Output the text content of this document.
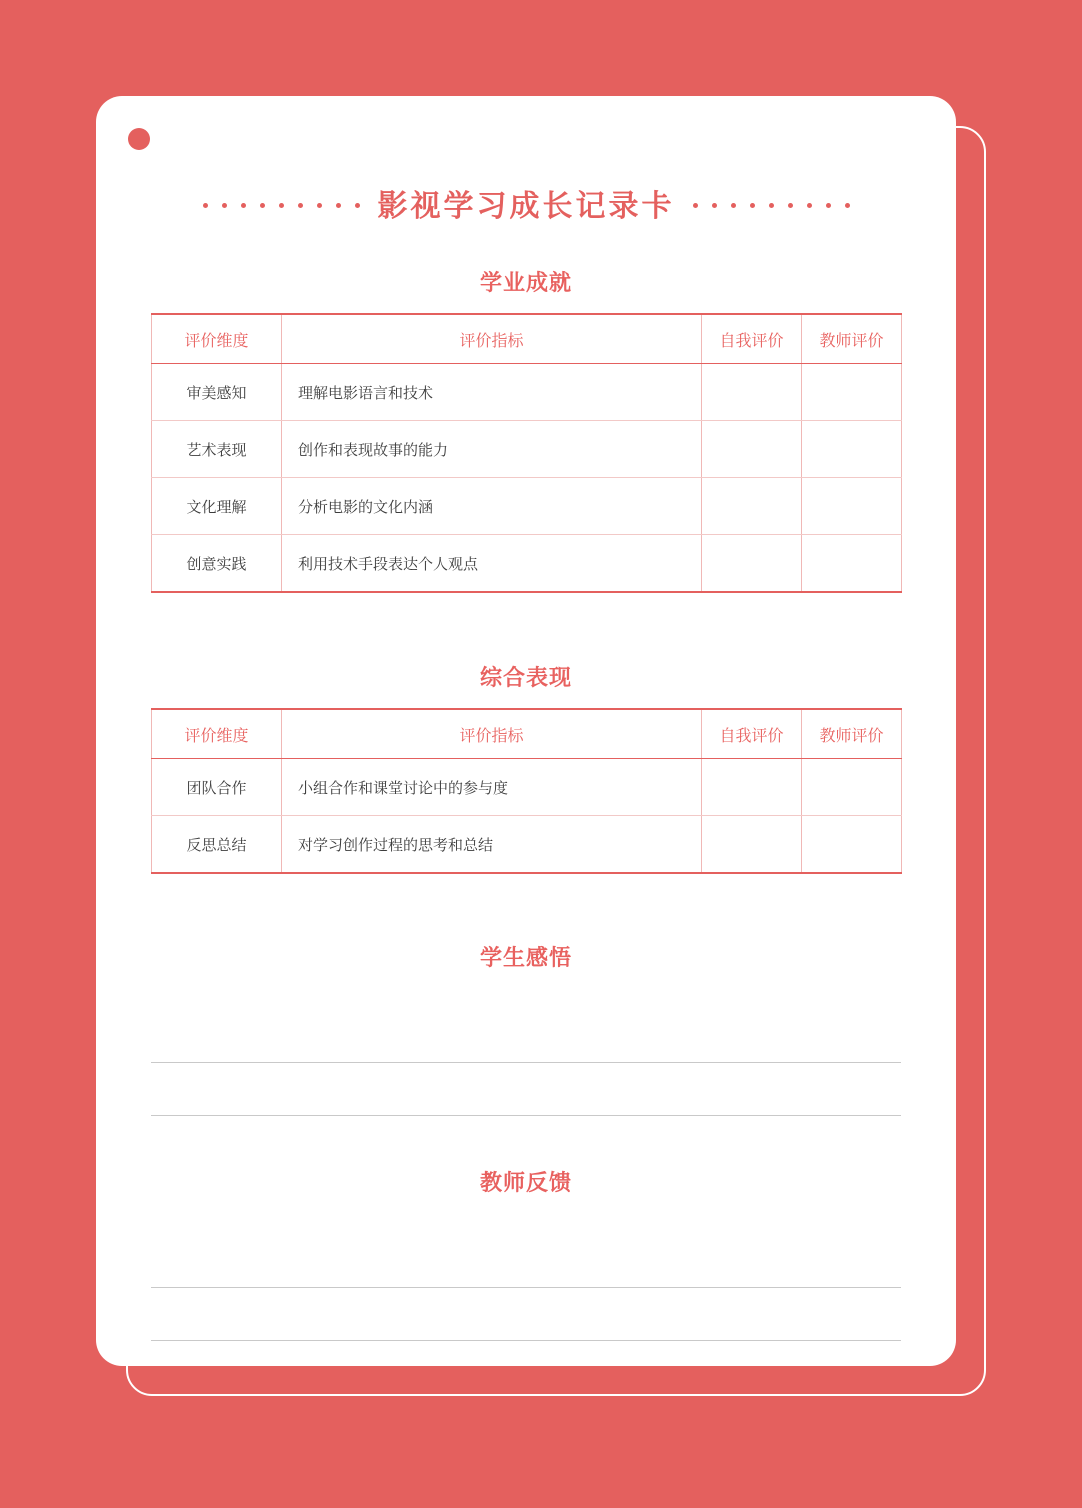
影视学习成长记录卡
学业成就
评价维度	评价指标	自我评价	教师评价
审美感知	理解电影语言和技术		
艺术表现	创作和表现故事的能力		
文化理解	分析电影的文化内涵		
创意实践	利用技术手段表达个人观点		
综合表现
评价维度	评价指标	自我评价	教师评价
团队合作	小组合作和课堂讨论中的参与度		
反思总结	对学习创作过程的思考和总结		
学生感悟
教师反馈
